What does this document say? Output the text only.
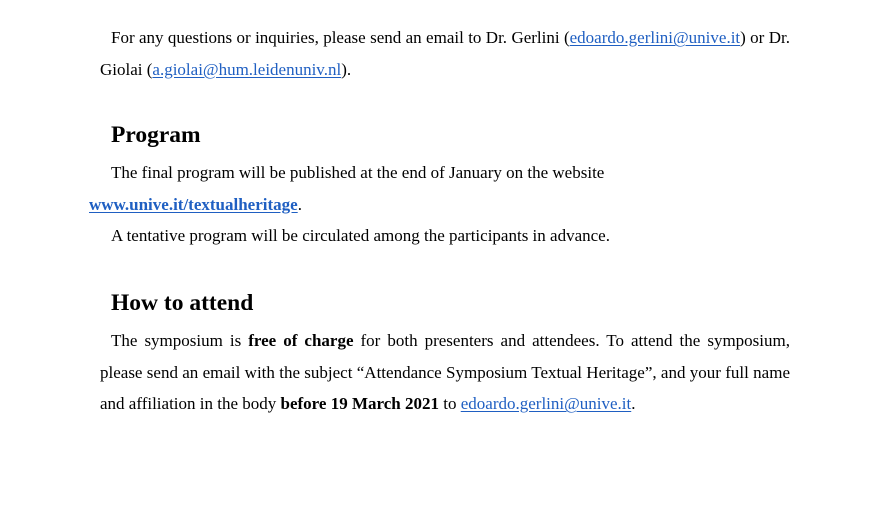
For any questions or inquiries, please send an email to Dr. Gerlini (edoardo.gerlini@unive.it) or Dr. Giolai (a.giolai@hum.leidenuniv.nl).

Program

The final program will be published at the end of January on the website
www.unive.it/textualheritage.

A tentative program will be circulated among the participants in advance.

How to attend

The symposium is free of charge for both presenters and attendees. To attend the symposium, please send an email with the subject “Attendance Symposium Textual Heritage”, and your full name and affiliation in the body before 19 March 2021 to edoardo.gerlini@unive.it.
